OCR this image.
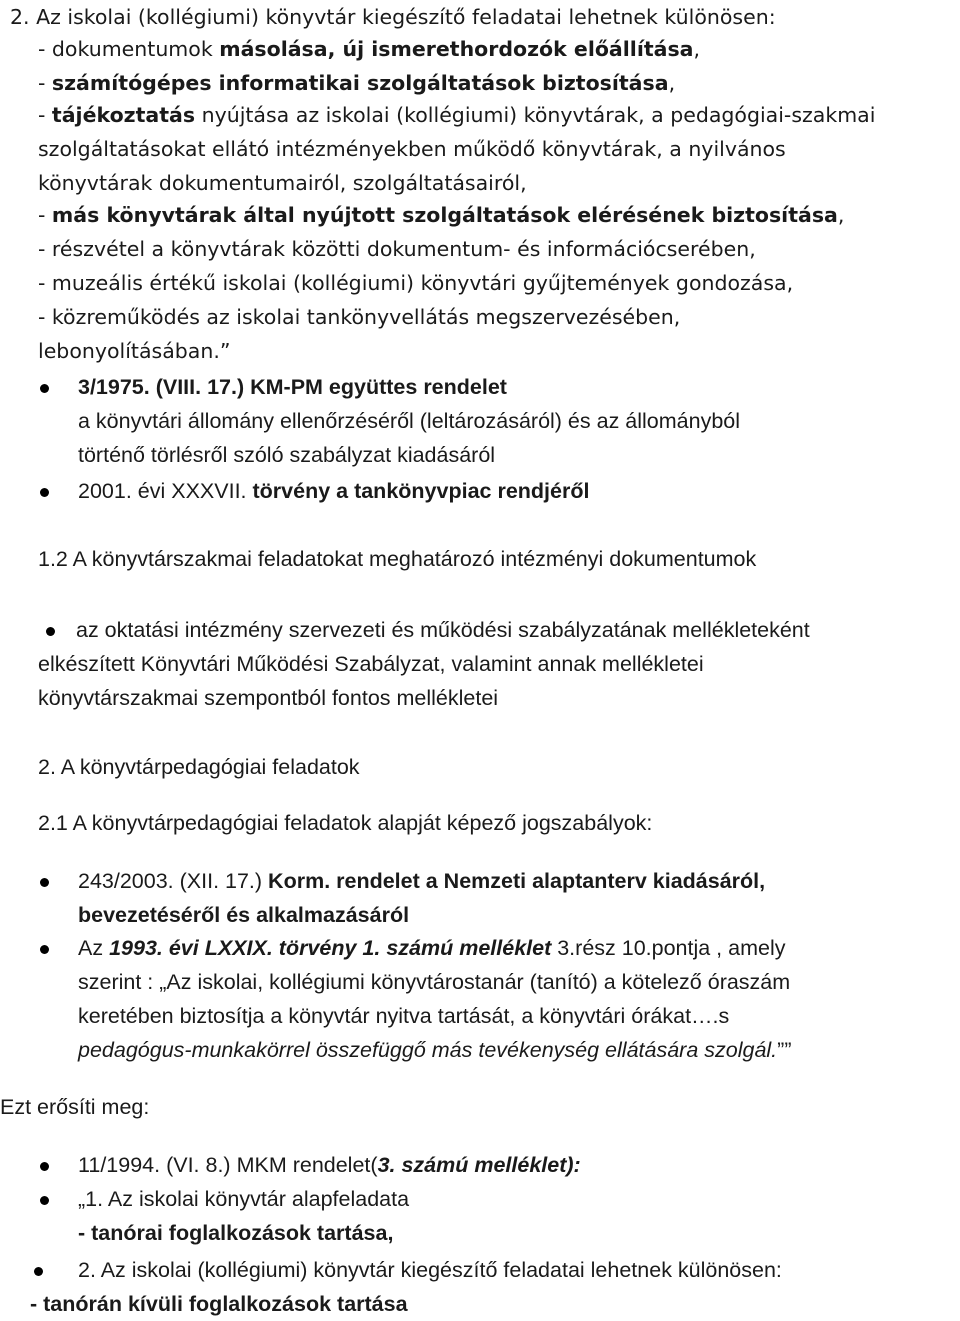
2. Az iskolai (kollégiumi) könyvtár kiegészítő feladatai lehetnek különösen:
- dokumentumok másolása, új ismerethordozók előállítása,
- számítógépes informatikai szolgáltatások biztosítása,
- tájékoztatás nyújtása az iskolai (kollégiumi) könyvtárak, a pedagógiai-szakmai
szolgáltatásokat ellátó intézményekben működő könyvtárak, a nyilvános
könyvtárak dokumentumairól, szolgáltatásairól,
- más könyvtárak által nyújtott szolgáltatások elérésének biztosítása,
- részvétel a könyvtárak közötti dokumentum- és információcserében,
- muzeális értékű iskolai (kollégiumi) könyvtári gyűjtemények gondozása,
- közreműködés az iskolai tankönyvellátás megszervezésében,
lebonyolításában.”
3/1975. (VIII. 17.) KM-PM együttes rendelet
a könyvtári állomány ellenőrzéséről (leltározásáról) és az állományból
történő törlésről szóló szabályzat kiadásáról
2001. évi XXXVII. törvény a tankönyvpiac rendjéről
1.2 A könyvtárszakmai feladatokat meghatározó intézményi dokumentumok
az oktatási intézmény szervezeti és működési szabályzatának mellékleteként
elkészített Könyvtári Működési Szabályzat, valamint annak mellékletei
könyvtárszakmai szempontból fontos mellékletei
2. A könyvtárpedagógiai feladatok
2.1 A könyvtárpedagógiai feladatok alapját képező jogszabályok:
243/2003. (XII. 17.) Korm. rendelet a Nemzeti alaptanterv kiadásáról,
bevezetéséről és alkalmazásáról
Az 1993. évi LXXIX. törvény 1. számú melléklet 3.rész 10.pontja , amely
szerint : „Az iskolai, kollégiumi könyvtárostanár (tanító) a kötelező óraszám
keretében biztosítja a könyvtár nyitva tartását, a könyvtári órákat….s
pedagógus-munkakörrel összefüggő más tevékenység ellátására szolgál.””
Ezt erősíti meg:
11/1994. (VI. 8.) MKM rendelet(3. számú melléklet):
„1. Az iskolai könyvtár alapfeladata
- tanórai foglalkozások tartása,
2. Az iskolai (kollégiumi) könyvtár kiegészítő feladatai lehetnek különösen:
- tanórán kívüli foglalkozások tartása
